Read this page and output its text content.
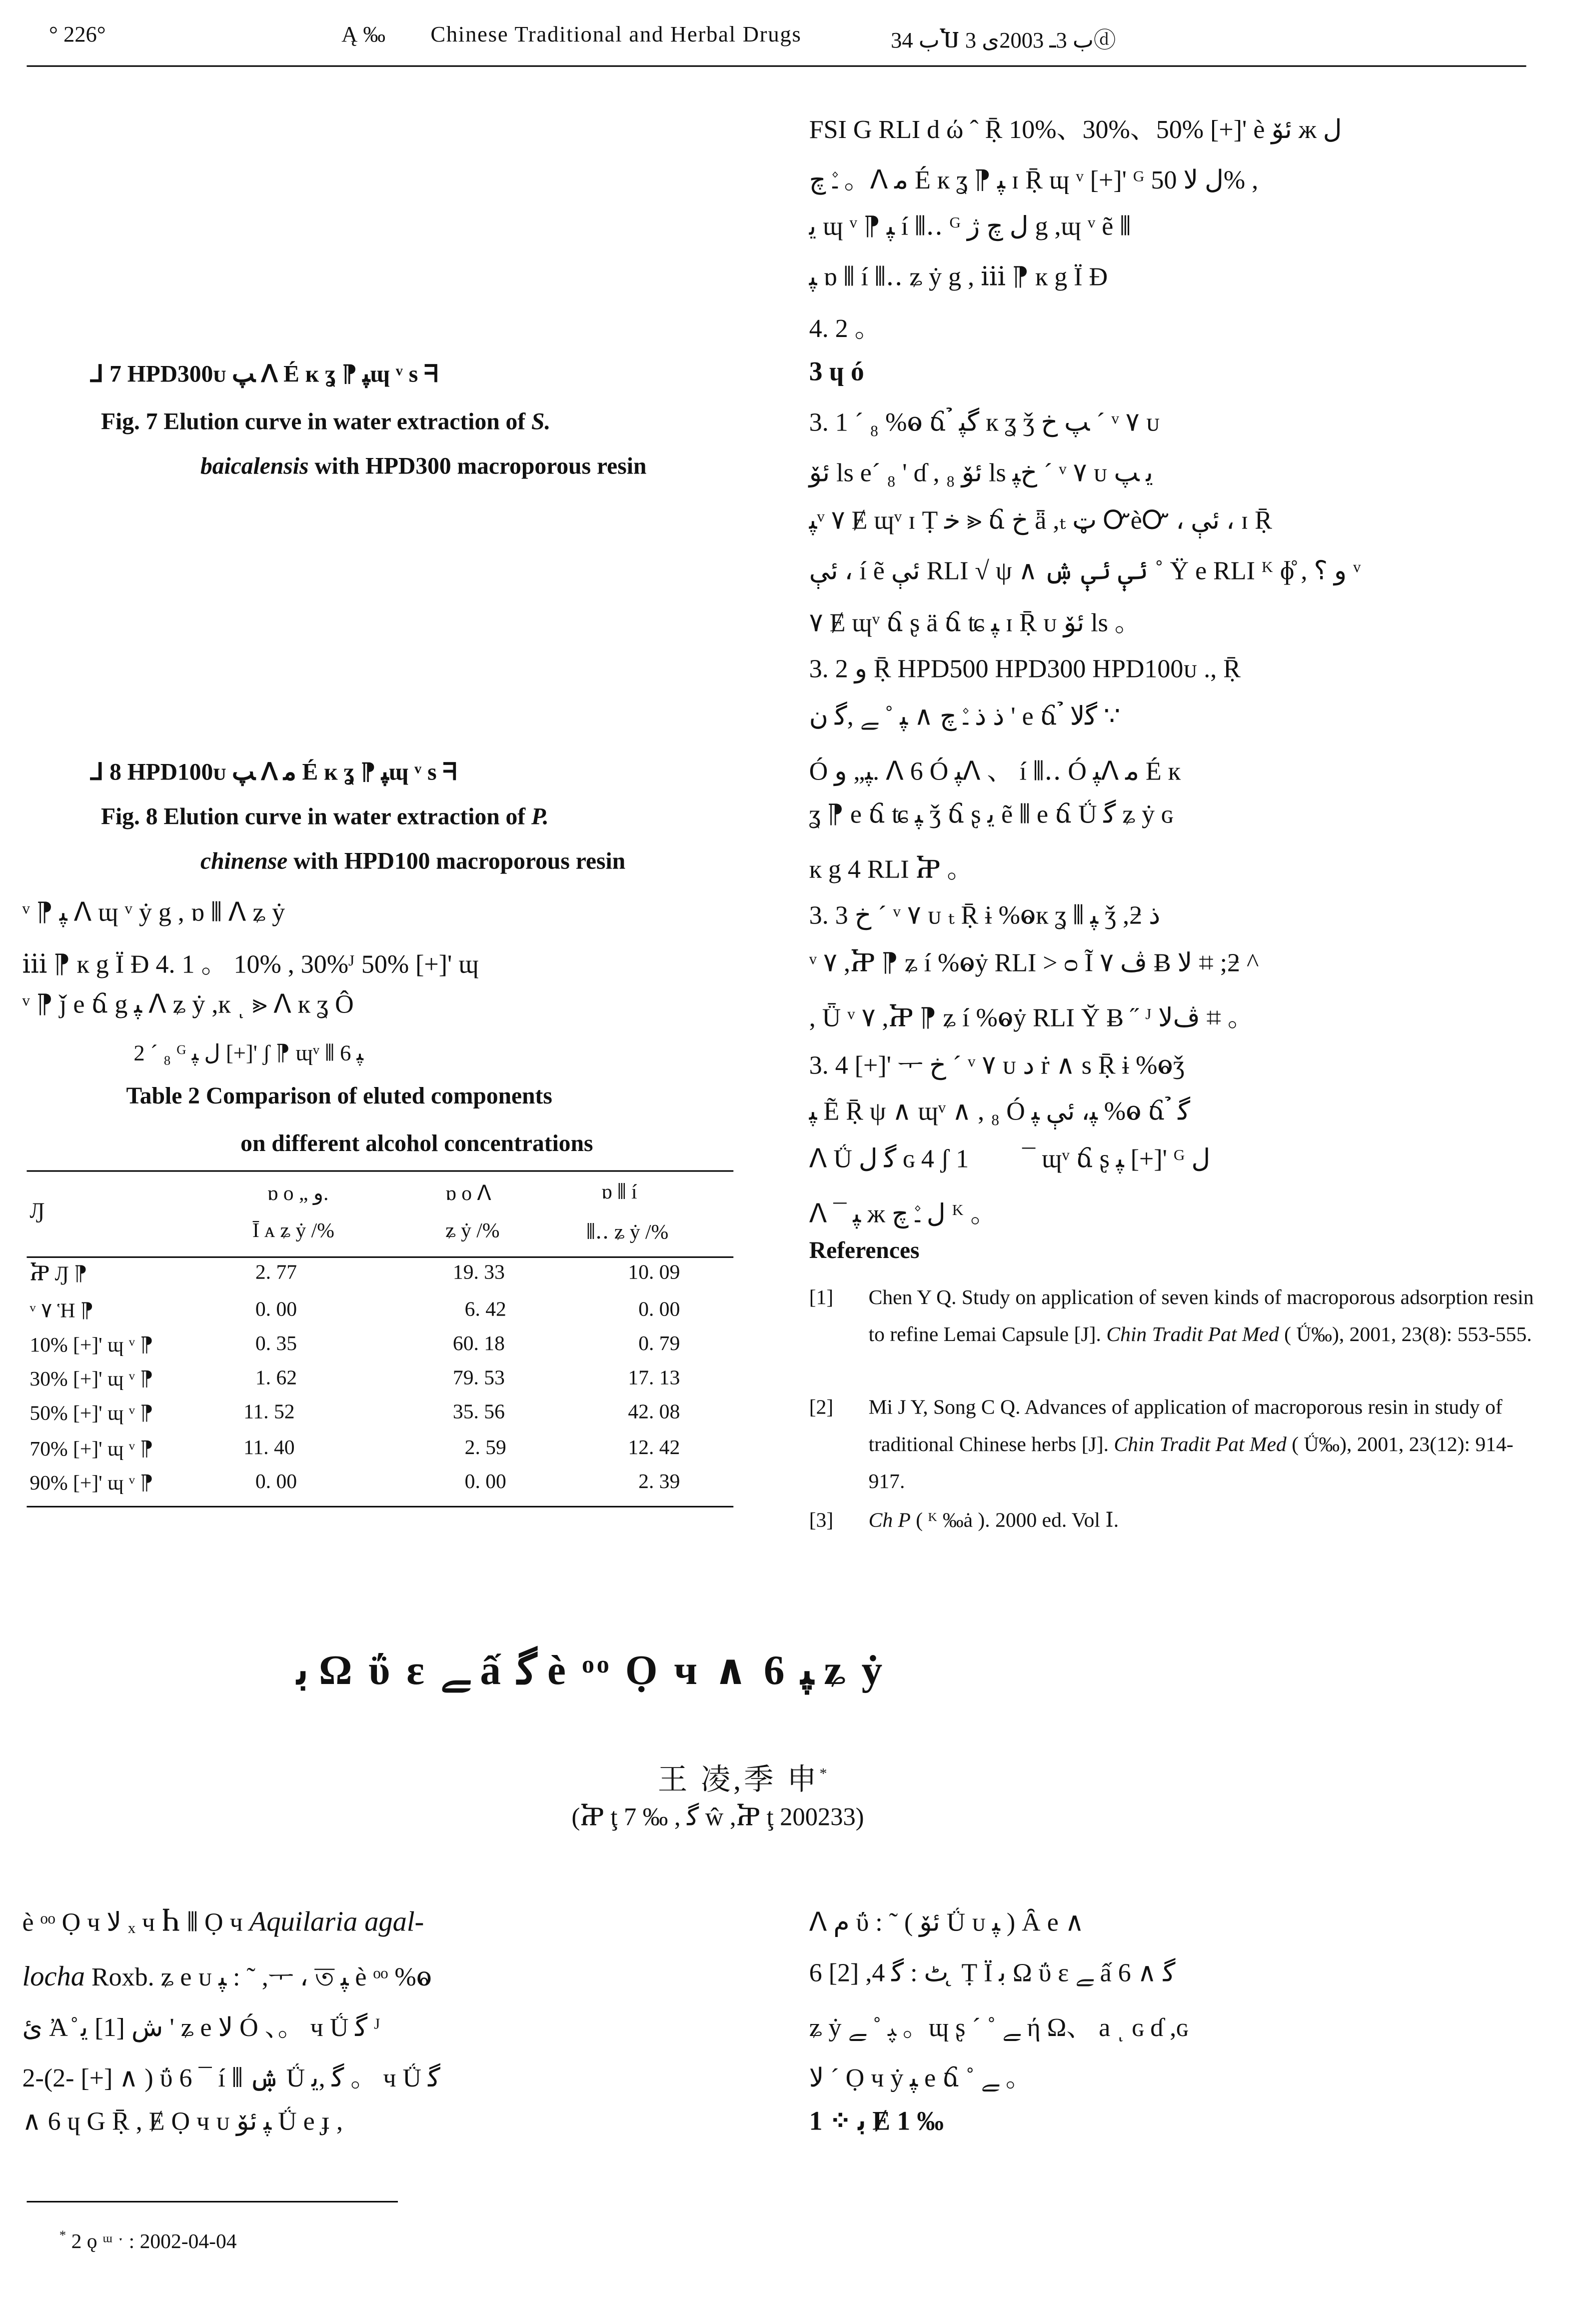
° 226°	Ą ‰	Chinese Traditional and Herbal Drugs	ب 34Ⴎ ب 3ـ 2003ى 3ⓓ
FSI G RLI d ώ ˆ Ṝ 10%、30%、50% [+]' è ئۆ ж ل
ـ۫ چ 。ᐱ ﻣ É к ʓ ⁋ ﭙ ɪ Ṝ ɰ ᵛ [+]' ᴳ ل ﻻ 50% ,
ﻳ ɰ ᵛ ⁋ ﭙ í ⫴‥ ᴳ ل چ ژ g ,ɰ ᵛ ẽ ⫴
ﭙ ɒ ⫴ í ⫴‥ ʑ ẏ g , ⅲ ⁋ к g Ϊ Ɖ
4. 2 。
3 ɥ ó
3. 1 ´ ₈ %ⱺ ճ ̉ ﮔﭙ к ʓ ǯ ﭗ خ ´ ᵛ ۷ ᴜ
ئۆ ls e´ ₈ ' ɗ , ₈ ئۆ ls خﭙ ´ ᵛ ۷ ᴜ ﻳ ﭗ
ﭙᵛ ۷ Ɇ ɰᵛ ɪ Ṭ ﺧ ⪢ ճ خ ǟ ,ₜ ټ ᏅèᏅ ، ئې ، ɪ Ṝ
ئې ، í ẽ ئې RLI √ ψ ∧ ئې ئې ۺ ˚ Ÿ e RLI ᴷ ɸ̊ , و ؟ ᵛ
۷ Ɇ ɰᵛ ճ ʂ ä ճ ʨ ﭙ ɪ Ṝ ᴜ ئۆ ls 。
3. 2 و Ṝ HPD500 HPD300 HPD100ᴜ ., Ṝ
ذ ذ ـ۫ چ ∧ ﭙ ˚ ﮯ ,ﮔ ن ' e ճ ̉ ﮔﻻ ∵
Ó ﭙ„ و. ᐱ 6 Ó ﭙᐱ 、 í ⫴‥ Ó ﭙᐱ ﻣ É к
ʓ ⁋ e ճ ʨ ﭙ ǯ ճ ʂ ﻳ ẽ ⫴ e ճ Ǘ ﮔ ʑ ẏ ɢ
к g 4 RLI Ⴟ 。
3. 3 خ ´ ᵛ ۷ ᴜ ₜ Ṝ ɨ %ⱺк ʓ ⫴ ﭙ ǯ ,ƻ ذ
ᵛ ۷ ,Ⴟ ⁋ ʑ í %ⱺẏ RLI ˃ ᴑ Ĩ ڤ ۷ Ƀ ﻻ ⌗ ;ƻ ^
, Ǖ ᵛ ۷ ,Ⴟ ⁋ ʑ í %ⱺẏ RLI Ῠ Ƀ ˝ ᴶ ڤﻻ ⌗ 。
3. 4 [+]' ᅮ خ ´ ᵛ ۷ ᴜ ﺩ ṙ ∧ s Ṝ ɨ %ⱺǯ
ﭙ Ẽ Ṝ ψ ∧ ɰᵛ ∧ , ₈ Ó ﭙ، ئې ﭙ %ⱺ ճ ̉ ﮔ
ᐱ Ǘ ﮔ ل ɢ 4 ʃ 1 ﮔ۪ ¯ ɰᵛ ճ ʂ ﭙ [+]' ᴳ ل
ᐱ ¯ ﭙ ж ل ـ۫ چ ᴷ 。
References
[1]	Chen Y Q. Study on application of seven kinds of macroporous adsorption resin to refine Lemai Capsule [J]. Chin Tradit Pat Med ( Ǘ‰), 2001, 23(8): 553-555.
[2]	Mi J Y, Song C Q. Advances of application of macroporous resin in study of traditional Chinese herbs [J]. Chin Tradit Pat Med ( Ǘ‰), 2001, 23(12): 914-917.
[3]	Ch P ( ᴷ ‰ȧ ). 2000 ed. Vol Ⅰ.
ᒧ 7 HPD300ᴜ ﭗ ᐱ É к ʓ ⁋ ﭙɰ ᵛ s ᖷ
Fig. 7 Elution curve in water extraction of S.
baicalensis with HPD300 macroporous resin
ᒧ 8 HPD100ᴜ ﭗ ᐱ ﻣ É к ʓ ⁋ ﭙɰ ᵛ s ᖷ
Fig. 8 Elution curve in water extraction of P.
chinense with HPD100 macroporous resin
ᵛ ⁋ ﭙ ᐱ ɰ ᵛ ẏ g , ɒ ⫴ ᐱ ʑ ẏ
ⅲ ⁋ к g Ϊ Ɖ 4. 1 。 10% , 30%ᴶ 50% [+]' ɰ
ᵛ ⁋ ǰ e ճ g ﭙ ᐱ ʑ ẏ ,к ͺ ⪢ ᐱ к ʓ Ô
2 ´ ₈ ᴳ ل ﭙ [+]' ʃ ⁋ ɰᵛ ⫴ ﭙ 6
Table 2 Comparison of eluted components
on different alcohol concentrations
Ԓ
ɒ ᴏ „ و.	ɒ ᴏ ᐱ	ɒ ⫴ í
Ī ᴀ ʑ ẏ /%	ʑ ẏ /%	⫴‥ ʑ ẏ /%
Ⴟ Ԓ ⁋	2. 77	19. 33	10. 09
ᵛ ۷ Ἡ ⁋	0. 00	6. 42	0. 00
10% [+]' ɰ ᵛ ⁋	0. 35	60. 18	0. 79
30% [+]' ɰ ᵛ ⁋	1. 62	79. 53	17. 13
50% [+]' ɰ ᵛ ⁋	11. 52	35. 56	42. 08
70% [+]' ɰ ᵛ ⁋	11. 40	2. 59	12. 42
90% [+]' ɰ ᵛ ⁋	0. 00	0. 00	2. 39
ﺑ Ω ΰ ɛ ﮯ ấ ﮔ è ᵒᵒ Ọ ч ∧ 6 ﭙ ʑ ẏ
王 凌,季 申*
(Ⴟ ţ 7 ‰ , ﮔ ŵ ,Ⴟ ţ 200233)
è ᵒᵒ Ọ ч ﻻ ₓ ч Ⴙ ⫴ Ọ ч Aquilaria agal-
locha Roxb. ʑ e ᴜ ﭙ : ˜ ,ᅮ ، ত ﭙ è ᵒᵒ %ⱺ
ئ Ἀ ̊ ش [1] ﻳ ' ʑ e ﻻ Ó 、。 ч Ǘ ﮔ ᴶ
2-(2- [+] ∧ ) ΰ 6 ¯ í ⫴ ۺ Ǘ ﮔ ,ﻳ 。 ч Ǘ ﮔ
∧ 6 ɥ G Ṝ , Ɇ Ọ ч ᴜ ﭙ ئۆ Ǘ e ɟ ,
ᐱ م ΰ : ˜ ( ئۆ Ǘ ᴜ ﭙ ) Ȃ e ∧
6 [2] ,4 ٹ : ﮔ ̨ Ṭ Ϊ ﺑ Ω ΰ ɛ ﮯ ấ ﮔ ∧ 6
ʑ ẏ ﭙ ˚ ﮯ 。ɰ ʂ ´ ˚ ﮯ ή Ω、 a ͺ ɢ ɗ ,ɢ
ﻻ ´ Ọ ч ẏ ﭙ e ճ ˚ ﮯ 。
1 ⁘ ﺑ Ɇ 1 ‰
* 2 ǫ ᵚ ˑ : 2002-04-04
